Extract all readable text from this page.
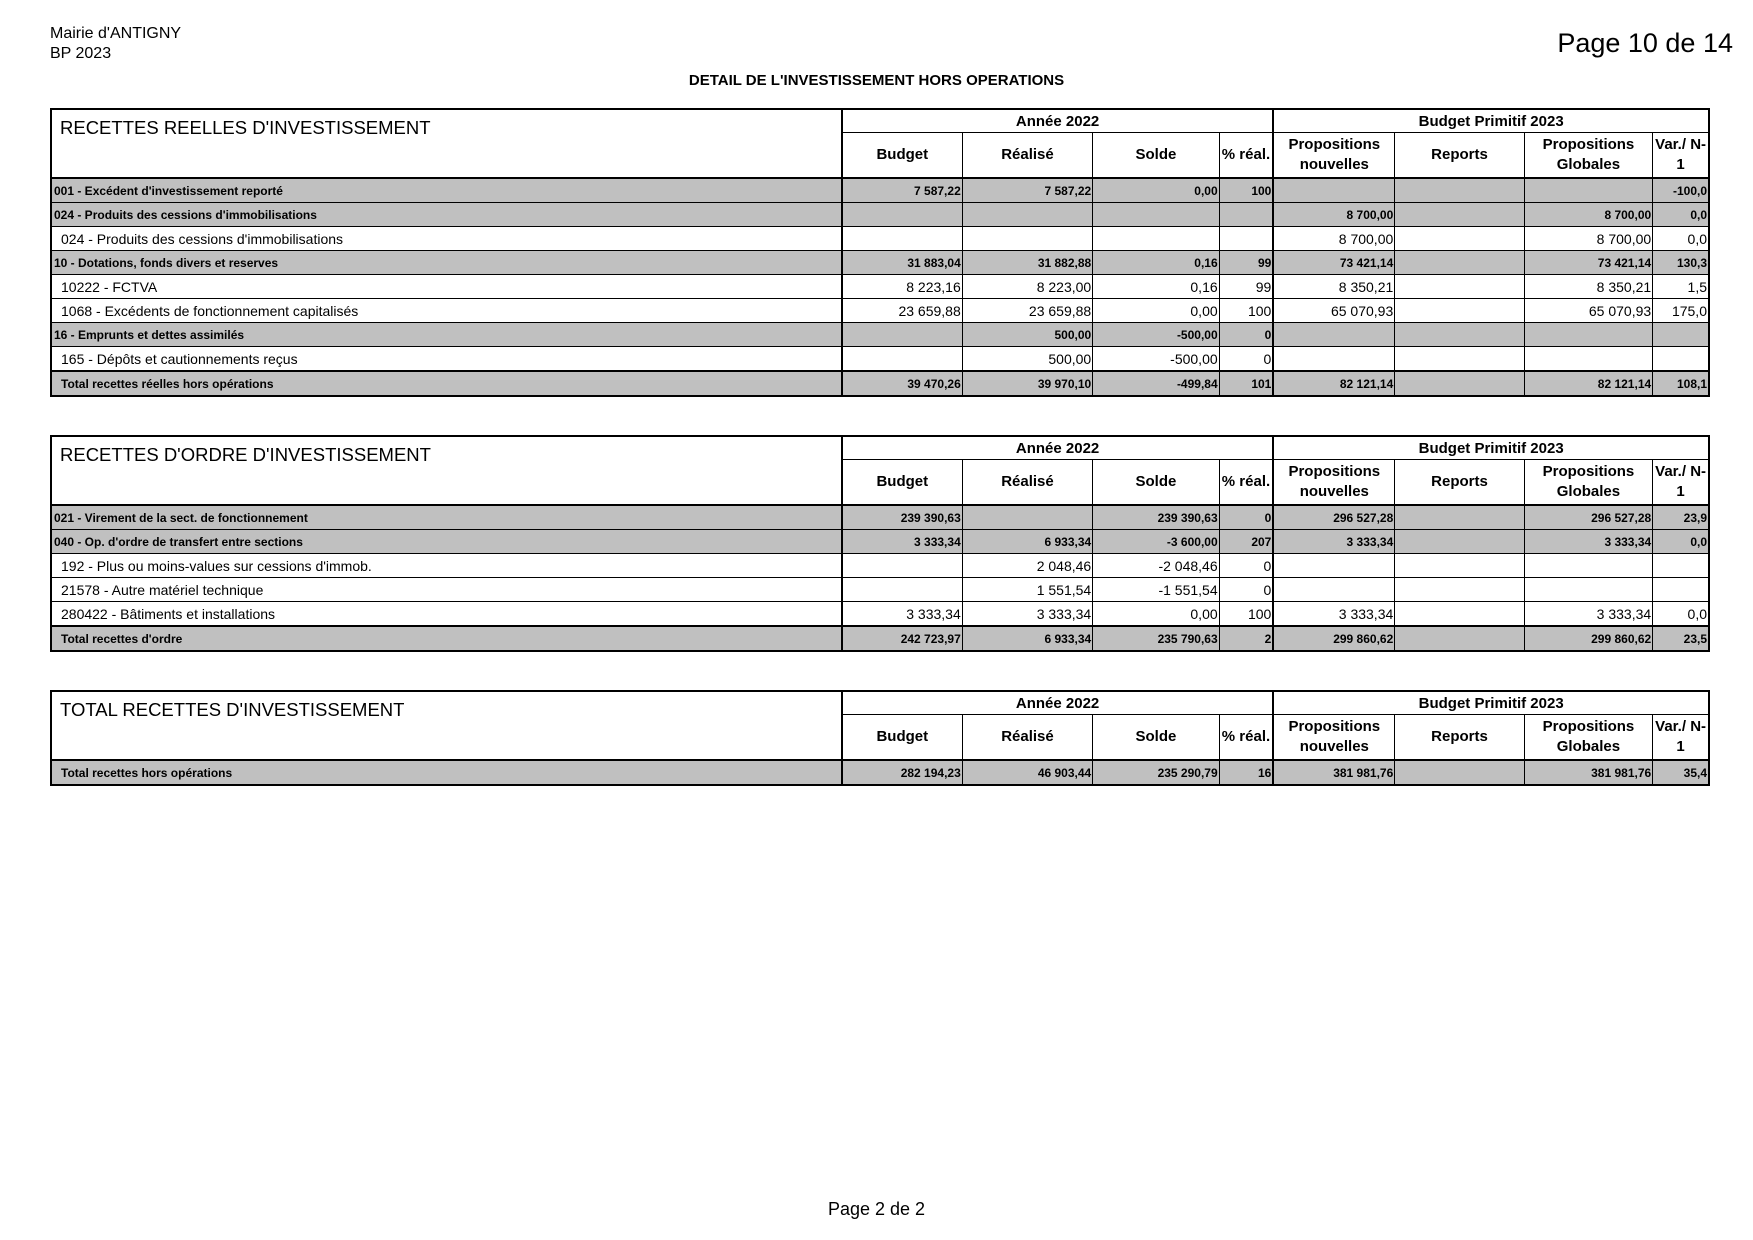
Mairie d'ANTIGNY
BP 2023	Page 10 de 14
DETAIL DE L'INVESTISSEMENT HORS OPERATIONS
RECETTES REELLES D'INVESTISSEMENT	Année 2022				Budget Primitif 2023			
	Budget	Réalisé	Solde	% réal.	Propositions nouvelles	Reports	Propositions Globales	Var./ N-1
001 - Excédent d'investissement reporté	7 587,22	7 587,22	0,00	100				-100,0
024 - Produits des cessions d'immobilisations					8 700,00		8 700,00	0,0
024 - Produits des cessions d'immobilisations					8 700,00		8 700,00	0,0
10 - Dotations, fonds divers et reserves	31 883,04	31 882,88	0,16	99	73 421,14		73 421,14	130,3
10222 - FCTVA	8 223,16	8 223,00	0,16	99	8 350,21		8 350,21	1,5
1068 - Excédents de fonctionnement capitalisés	23 659,88	23 659,88	0,00	100	65 070,93		65 070,93	175,0
16 - Emprunts et dettes assimilés		500,00	-500,00	0				
165 - Dépôts et cautionnements reçus		500,00	-500,00	0				
Total recettes réelles hors opérations	39 470,26	39 970,10	-499,84	101	82 121,14		82 121,14	108,1
RECETTES D'ORDRE D'INVESTISSEMENT	Année 2022				Budget Primitif 2023			
	Budget	Réalisé	Solde	% réal.	Propositions nouvelles	Reports	Propositions Globales	Var./ N-1
021 - Virement de la sect. de fonctionnement	239 390,63		239 390,63	0	296 527,28		296 527,28	23,9
040 - Op. d'ordre de transfert entre sections	3 333,34	6 933,34	-3 600,00	207	3 333,34		3 333,34	0,0
192 - Plus ou moins-values sur cessions d'immob.		2 048,46	-2 048,46	0				
21578 - Autre matériel technique		1 551,54	-1 551,54	0				
280422 - Bâtiments et installations	3 333,34	3 333,34	0,00	100	3 333,34		3 333,34	0,0
Total recettes d'ordre	242 723,97	6 933,34	235 790,63	2	299 860,62		299 860,62	23,5
TOTAL RECETTES D'INVESTISSEMENT	Année 2022				Budget Primitif 2023			
	Budget	Réalisé	Solde	% réal.	Propositions nouvelles	Reports	Propositions Globales	Var./ N-1
Total recettes hors opérations	282 194,23	46 903,44	235 290,79	16	381 981,76		381 981,76	35,4
Page 2 de 2
